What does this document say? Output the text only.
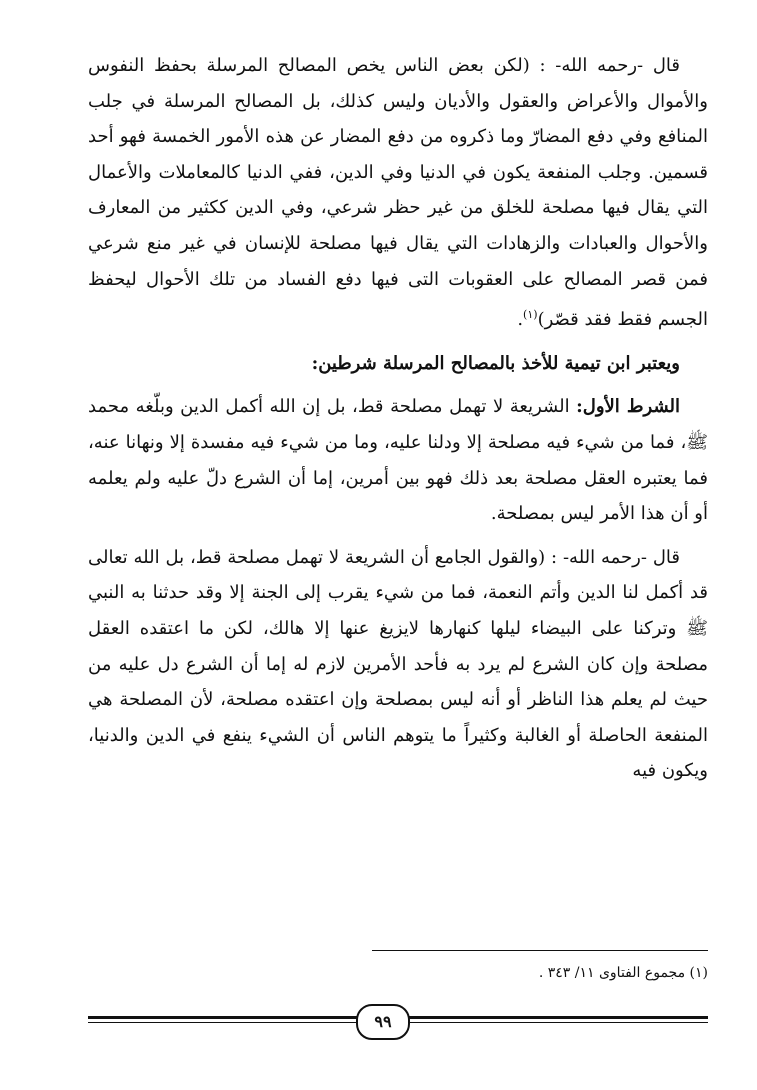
قال -رحمه الله- : (لكن بعض الناس يخص المصالح المرسلة بحفظ النفوس والأموال والأعراض والعقول والأديان وليس كذلك، بل المصالح المرسلة في جلب المنافع وفي دفع المضارّ وما ذكروه من دفع المضار عن هذه الأمور الخمسة فهو أحد قسمين. وجلب المنفعة يكون في الدنيا وفي الدين، ففي الدنيا كالمعاملات والأعمال التي يقال فيها مصلحة للخلق من غير حظر شرعي، وفي الدين ككثير من المعارف والأحوال والعبادات والزهادات التي يقال فيها مصلحة للإنسان في غير منع شرعي فمن قصر المصالح على العقوبات التى فيها دفع الفساد من تلك الأحوال ليحفظ الجسم فقط فقد قصّر)$^{(١)}$.

ويعتبر ابن تيمية للأخذ بالمصالح المرسلة شرطين:

الشرط الأول: الشريعة لا تهمل مصلحة قط، بل إن الله أكمل الدين وبلّغه محمد ﷺ، فما من شيء فيه مصلحة إلا ودلنا عليه، وما من شيء فيه مفسدة إلا ونهانا عنه، فما يعتبره العقل مصلحة بعد ذلك فهو بين أمرين، إما أن الشرع دلّ عليه ولم يعلمه أو أن هذا الأمر ليس بمصلحة.

قال -رحمه الله- : (والقول الجامع أن الشريعة لا تهمل مصلحة قط، بل الله تعالى قد أكمل لنا الدين وأتم النعمة، فما من شيء يقرب إلى الجنة إلا وقد حدثنا به النبي ﷺ وتركنا على البيضاء ليلها كنهارها لايزيغ عنها إلا هالك، لكن ما اعتقده العقل مصلحة وإن كان الشرع لم يرد به فأحد الأمرين لازم له إما أن الشرع دل عليه من حيث لم يعلم هذا الناظر أو أنه ليس بمصلحة وإن اعتقده مصلحة، لأن المصلحة هي المنفعة الحاصلة أو الغالبة وكثيراً ما يتوهم الناس أن الشيء ينفع في الدين والدنيا، ويكون فيه

(١) مجموع الفتاوى ١١/ ٣٤٣ .
٩٩
